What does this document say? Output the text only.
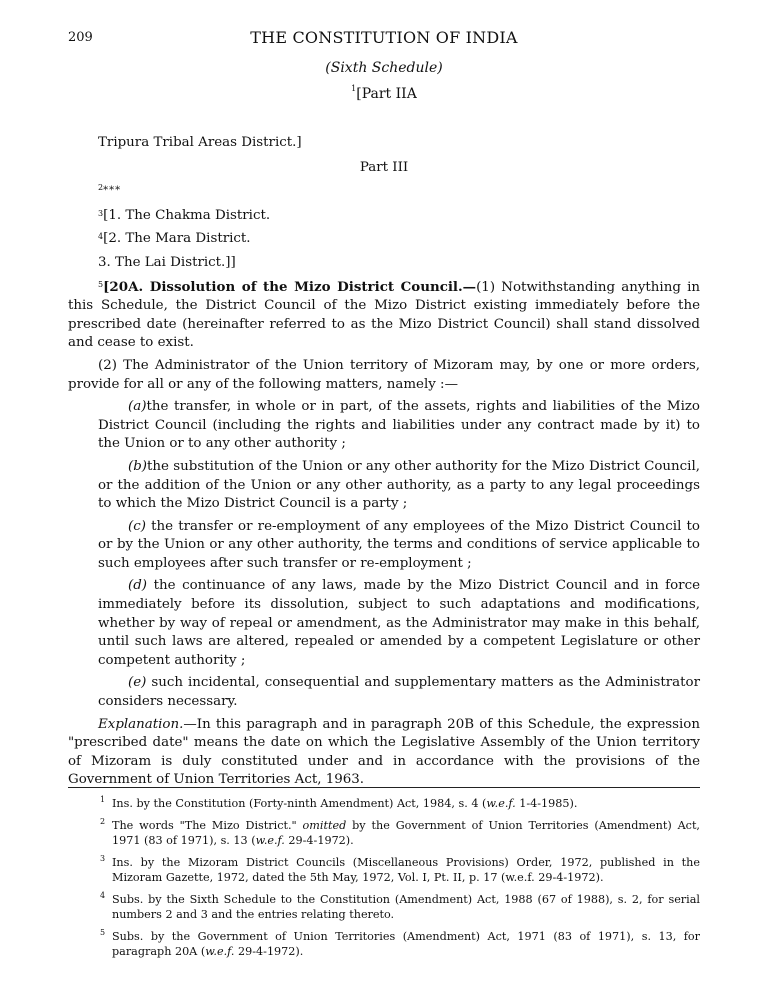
209	THE CONSTITUTION OF INDIA
(Sixth Schedule)
$^1$[Part IIA

Tripura Tribal Areas District.]

Part III

$^2$***

$^3$[1. The Chakma District.

$^4$[2. The Mara District.

3. The Lai District.]]

$^5$[20A. Dissolution of the Mizo District Council.—(1) Notwithstanding anything in this Schedule, the District Council of the Mizo District existing immediately before the prescribed date (hereinafter referred to as the Mizo District Council) shall stand dissolved and cease to exist.

(2) The Administrator of the Union territory of Mizoram may, by one or more orders, provide for all or any of the following matters, namely :—

(a)the transfer, in whole or in part, of the assets, rights and liabilities of the Mizo District Council (including the rights and liabilities under any contract made by it) to the Union or to any other authority ;

(b)the substitution of the Union or any other authority for the Mizo District Council, or the addition of the Union or any other authority, as a party to any legal proceedings to which the Mizo District Council is a party ;

(c) the transfer or re-employment of any employees of the Mizo District Council to or by the Union or any other authority, the terms and conditions of service applicable to such employees after such transfer or re-employment ;

(d) the continuance of any laws, made by the Mizo District Council and in force immediately before its dissolution, subject to such adaptations and modifications, whether by way of repeal or amendment, as the Administrator may make in this behalf, until such laws are altered, repealed or amended by a competent Legislature or other competent authority ;

(e) such incidental, consequential and supplementary matters as the Administrator considers necessary.

Explanation.—In this paragraph and in paragraph 20B of this Schedule, the expression "prescribed date" means the date on which the Legislative Assembly of the Union territory of Mizoram is duly constituted under and in accordance with the provisions of the Government of Union Territories Act, 1963.

1 Ins. by the Constitution (Forty-ninth Amendment) Act, 1984, s. 4 (w.e.f. 1-4-1985).
2 The words "The Mizo District." omitted by the Government of Union Territories (Amendment) Act, 1971 (83 of 1971), s. 13 (w.e.f. 29-4-1972).
3 Ins. by the Mizoram District Councils (Miscellaneous Provisions) Order, 1972, published in the Mizoram Gazette, 1972, dated the 5th May, 1972, Vol. I, Pt. II, p. 17 (w.e.f. 29-4-1972).
4 Subs. by the Sixth Schedule to the Constitution (Amendment) Act, 1988 (67 of 1988), s. 2, for serial numbers 2 and 3 and the entries relating thereto.
5 Subs. by the Government of Union Territories (Amendment) Act, 1971 (83 of 1971), s. 13, for paragraph 20A (w.e.f. 29-4-1972).
